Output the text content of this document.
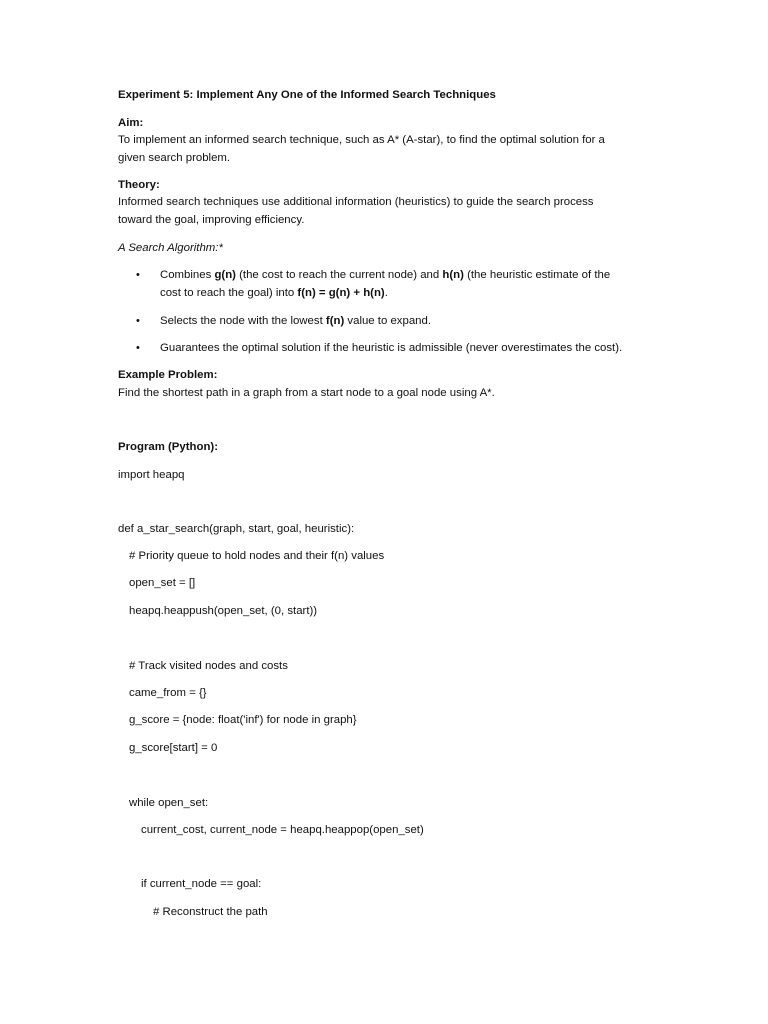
Experiment 5: Implement Any One of the Informed Search Techniques
Aim:
To implement an informed search technique, such as A* (A-star), to find the optimal solution for a
given search problem.
Theory:
Informed search techniques use additional information (heuristics) to guide the search process
toward the goal, improving efficiency.
A Search Algorithm:*
• Combines g(n) (the cost to reach the current node) and h(n) (the heuristic estimate of the
cost to reach the goal) into f(n) = g(n) + h(n).
• Selects the node with the lowest f(n) value to expand.
• Guarantees the optimal solution if the heuristic is admissible (never overestimates the cost).
Example Problem:
Find the shortest path in a graph from a start node to a goal node using A*.
Program (Python):
import heapq
def a_star_search(graph, start, goal, heuristic):
# Priority queue to hold nodes and their f(n) values
open_set = []
heapq.heappush(open_set, (0, start))
# Track visited nodes and costs
came_from = {}
g_score = {node: float('inf') for node in graph}
g_score[start] = 0
while open_set:
current_cost, current_node = heapq.heappop(open_set)
if current_node == goal:
# Reconstruct the path
